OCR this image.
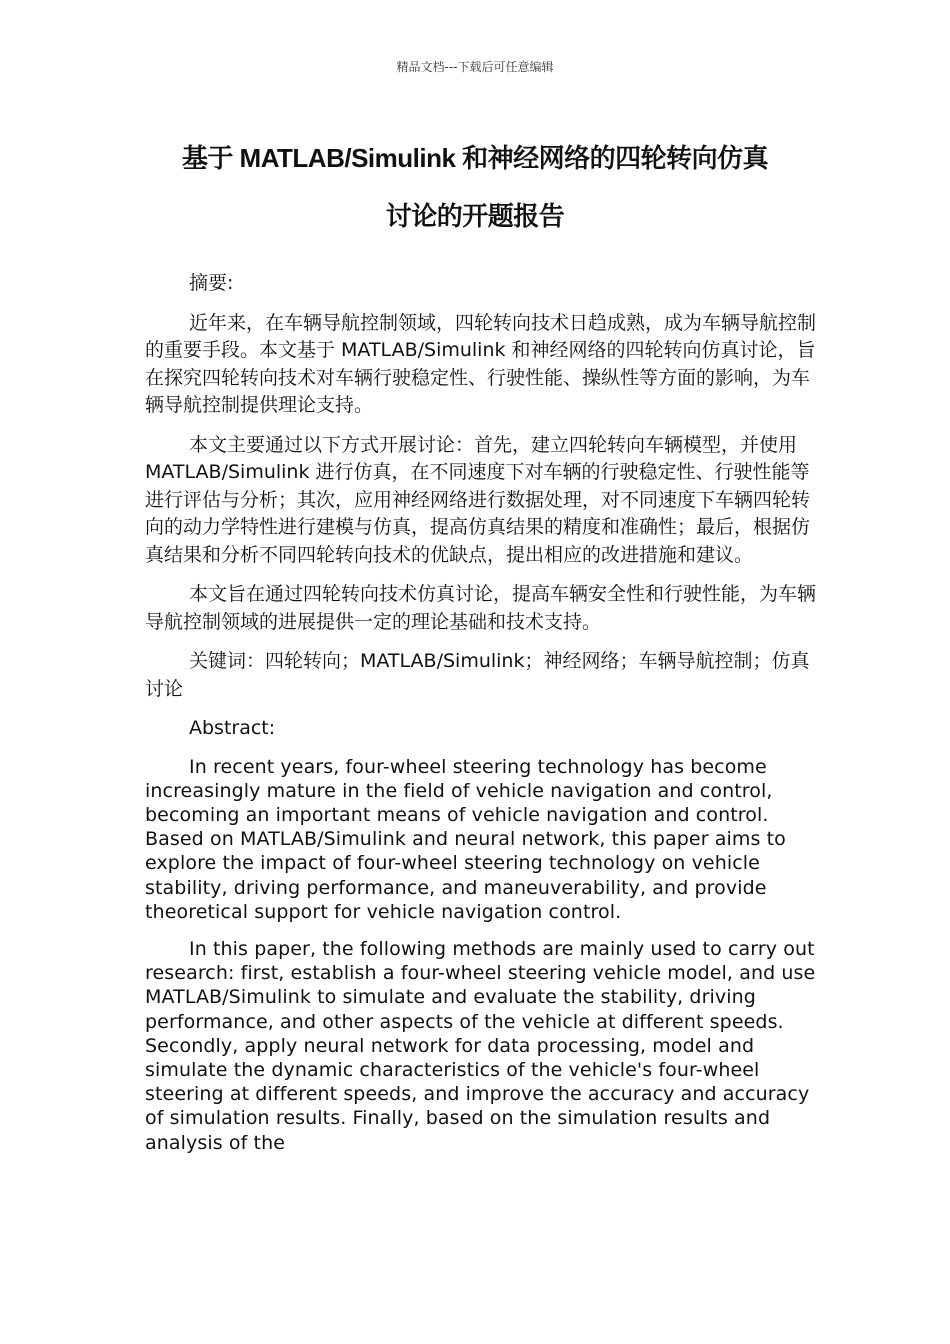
精品文档---下载后可任意编辑
基于 MATLAB/Simulink 和神经网络的四轮转向仿真
讨论的开题报告

摘要:

近年来，在车辆导航控制领域，四轮转向技术日趋成熟，成为车辆导航控制的重要手段。本文基于 MATLAB/Simulink 和神经网络的四轮转向仿真讨论，旨在探究四轮转向技术对车辆行驶稳定性、行驶性能、操纵性等方面的影响，为车辆导航控制提供理论支持。

本文主要通过以下方式开展讨论：首先，建立四轮转向车辆模型，并使用 MATLAB/Simulink 进行仿真，在不同速度下对车辆的行驶稳定性、行驶性能等进行评估与分析；其次，应用神经网络进行数据处理，对不同速度下车辆四轮转向的动力学特性进行建模与仿真，提高仿真结果的精度和准确性；最后，根据仿真结果和分析不同四轮转向技术的优缺点，提出相应的改进措施和建议。

本文旨在通过四轮转向技术仿真讨论，提高车辆安全性和行驶性能，为车辆导航控制领域的进展提供一定的理论基础和技术支持。

关键词：四轮转向；MATLAB/Simulink；神经网络；车辆导航控制；仿真讨论

Abstract:

In recent years, four-wheel steering technology has become increasingly mature in the field of vehicle navigation and control, becoming an important means of vehicle navigation and control. Based on MATLAB/Simulink and neural network, this paper aims to explore the impact of four-wheel steering technology on vehicle stability, driving performance, and maneuverability, and provide theoretical support for vehicle navigation control.

In this paper, the following methods are mainly used to carry out research: first, establish a four-wheel steering vehicle model, and use MATLAB/Simulink to simulate and evaluate the stability, driving performance, and other aspects of the vehicle at different speeds. Secondly, apply neural network for data processing, model and simulate the dynamic characteristics of the vehicle's four-wheel steering at different speeds, and improve the accuracy and accuracy of simulation results. Finally, based on the simulation results and analysis of the
